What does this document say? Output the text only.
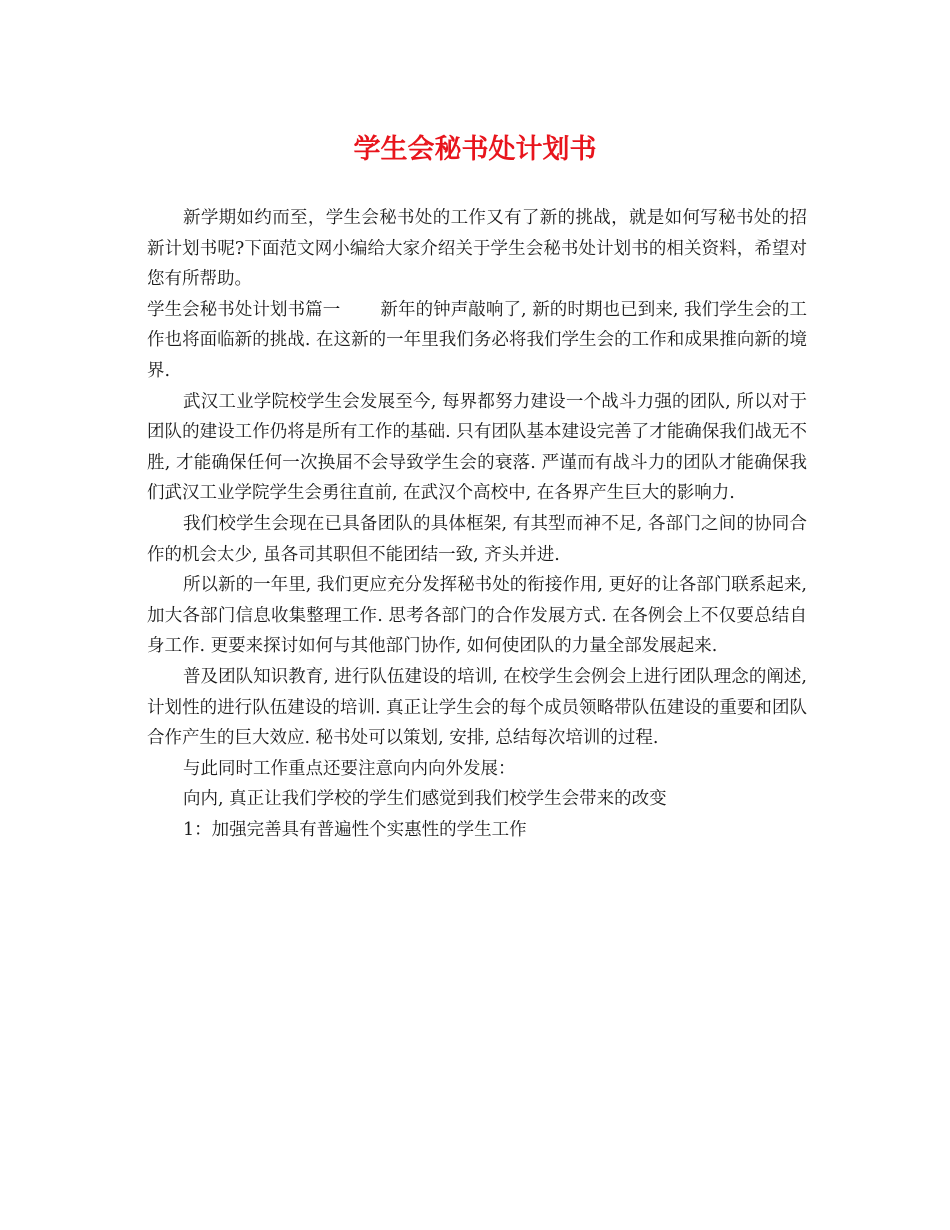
学生会秘书处计划书

新学期如约而至，学生会秘书处的工作又有了新的挑战，就是如何写秘书处的招新计划书呢?下面范文网小编给大家介绍关于学生会秘书处计划书的相关资料，希望对您有所帮助。

学生会秘书处计划书篇一 新年的钟声敲响了, 新的时期也已到来, 我们学生会的工作也将面临新的挑战. 在这新的一年里我们务必将我们学生会的工作和成果推向新的境界.

武汉工业学院校学生会发展至今, 每界都努力建设一个战斗力强的团队, 所以对于团队的建设工作仍将是所有工作的基础. 只有团队基本建设完善了才能确保我们战无不胜, 才能确保任何一次换届不会导致学生会的衰落. 严谨而有战斗力的团队才能确保我们武汉工业学院学生会勇往直前, 在武汉个高校中, 在各界产生巨大的影响力.

我们校学生会现在已具备团队的具体框架, 有其型而神不足, 各部门之间的协同合作的机会太少, 虽各司其职但不能团结一致, 齐头并进.

所以新的一年里, 我们更应充分发挥秘书处的衔接作用, 更好的让各部门联系起来, 加大各部门信息收集整理工作. 思考各部门的合作发展方式. 在各例会上不仅要总结自身工作. 更要来探讨如何与其他部门协作, 如何使团队的力量全部发展起来.

普及团队知识教育, 进行队伍建设的培训, 在校学生会例会上进行团队理念的阐述, 计划性的进行队伍建设的培训. 真正让学生会的每个成员领略带队伍建设的重要和团队合作产生的巨大效应. 秘书处可以策划, 安排, 总结每次培训的过程.

与此同时工作重点还要注意向内向外发展：

向内, 真正让我们学校的学生们感觉到我们校学生会带来的改变

1：加强完善具有普遍性个实惠性的学生工作
